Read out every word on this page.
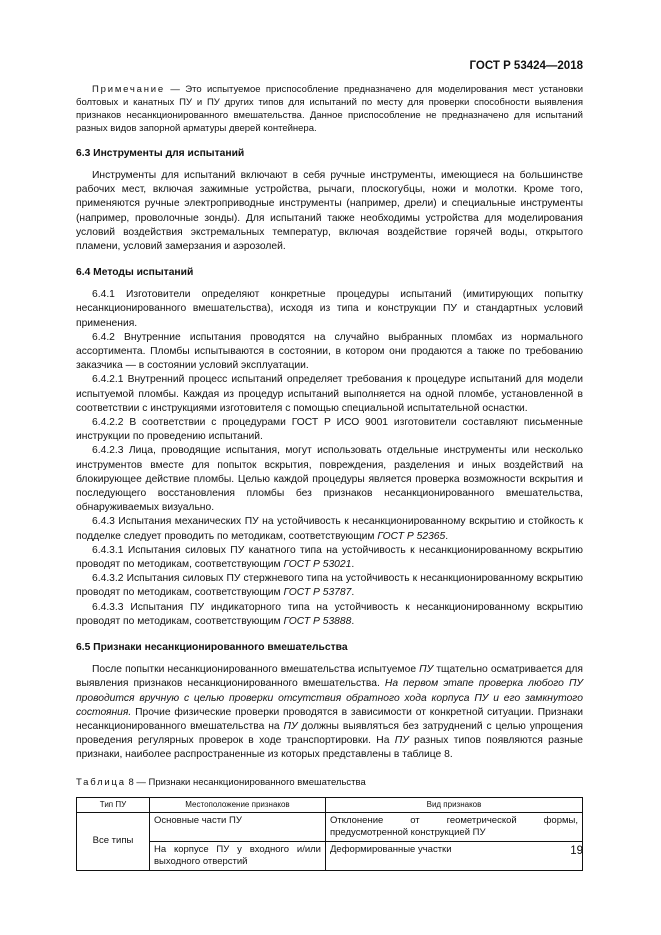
ГОСТ Р 53424—2018

Примечание — Это испытуемое приспособление предназначено для моделирования мест установки болтовых и канатных ПУ и ПУ других типов для испытаний по месту для проверки способности выявления признаков несанкционированного вмешательства. Данное приспособление не предназначено для испытаний разных видов запорной арматуры дверей контейнера.

6.3 Инструменты для испытаний

Инструменты для испытаний включают в себя ручные инструменты, имеющиеся на большинстве рабочих мест, включая зажимные устройства, рычаги, плоскогубцы, ножи и молотки. Кроме того, применяются ручные электроприводные инструменты (например, дрели) и специальные инструменты (например, проволочные зонды). Для испытаний также необходимы устройства для моделирования условий воздействия экстремальных температур, включая воздействие горячей воды, открытого пламени, условий замерзания и аэрозолей.

6.4 Методы испытаний

6.4.1 Изготовители определяют конкретные процедуры испытаний (имитирующих попытку несанкционированного вмешательства), исходя из типа и конструкции ПУ и стандартных условий применения.

6.4.2 Внутренние испытания проводятся на случайно выбранных пломбах из нормального ассортимента. Пломбы испытываются в состоянии, в котором они продаются а также по требованию заказчика — в состоянии условий эксплуатации.

6.4.2.1 Внутренний процесс испытаний определяет требования к процедуре испытаний для модели испытуемой пломбы. Каждая из процедур испытаний выполняется на одной пломбе, установленной в соответствии с инструкциями изготовителя с помощью специальной испытательной оснастки.

6.4.2.2 В соответствии с процедурами ГОСТ Р ИСО 9001 изготовители составляют письменные инструкции по проведению испытаний.

6.4.2.3 Лица, проводящие испытания, могут использовать отдельные инструменты или несколько инструментов вместе для попыток вскрытия, повреждения, разделения и иных воздействий на блокирующее действие пломбы. Целью каждой процедуры является проверка возможности вскрытия и последующего восстановления пломбы без признаков несанкционированного вмешательства, обнаруживаемых визуально.

6.4.3 Испытания механических ПУ на устойчивость к несанкционированному вскрытию и стойкость к подделке следует проводить по методикам, соответствующим ГОСТ Р 52365.

6.4.3.1 Испытания силовых ПУ канатного типа на устойчивость к несанкционированному вскрытию проводят по методикам, соответствующим ГОСТ Р 53021.

6.4.3.2 Испытания силовых ПУ стержневого типа на устойчивость к несанкционированному вскрытию проводят по методикам, соответствующим ГОСТ Р 53787.

6.4.3.3 Испытания ПУ индикаторного типа на устойчивость к несанкционированному вскрытию проводят по методикам, соответствующим ГОСТ Р 53888.

6.5 Признаки несанкционированного вмешательства

После попытки несанкционированного вмешательства испытуемое ПУ тщательно осматривается для выявления признаков несанкционированного вмешательства. На первом этапе проверка любого ПУ проводится вручную с целью проверки отсутствия обратного хода корпуса ПУ и его замкнутого состояния. Прочие физические проверки проводятся в зависимости от конкретной ситуации. Признаки несанкционированного вмешательства на ПУ должны выявляться без затруднений с целью упрощения проведения регулярных проверок в ходе транспортировки. На ПУ разных типов появляются разные признаки, наиболее распространенные из которых представлены в таблице 8.

Таблица 8 — Признаки несанкционированного вмешательства

Тип ПУ	Местоположение признаков	Вид признаков
Все типы	Основные части ПУ	Отклонение от геометрической формы, предусмотренной конструкцией ПУ
	На корпусе ПУ у входного и/или выходного отверстий	Деформированные участки	19
